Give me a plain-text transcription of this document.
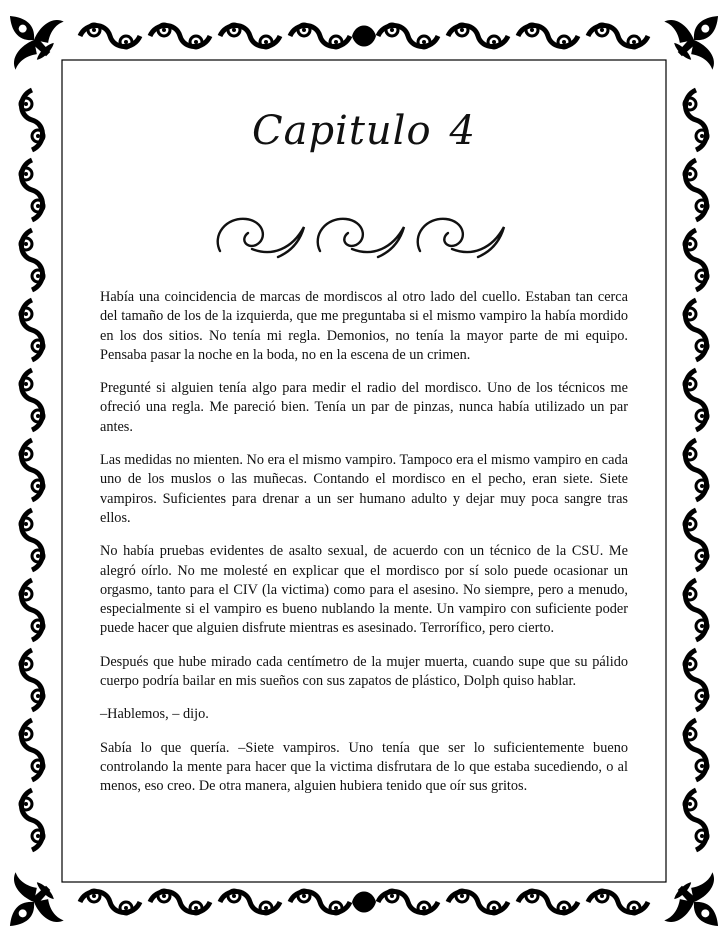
Capitulo 4

Había una coincidencia de marcas de mordiscos al otro lado del cuello. Estaban tan cerca del tamaño de los de la izquierda, que me preguntaba si el mismo vampiro la había mordido en los dos sitios. No tenía mi regla. Demonios, no tenía la mayor parte de mi equipo. Pensaba pasar la noche en la boda, no en la escena de un crimen.

Pregunté si alguien tenía algo para medir el radio del mordisco. Uno de los técnicos me ofreció una regla. Me pareció bien. Tenía un par de pinzas, nunca había utilizado un par antes.

Las medidas no mienten. No era el mismo vampiro. Tampoco era el mismo vampiro en cada uno de los muslos o las muñecas. Contando el mordisco en el pecho, eran siete. Siete vampiros. Suficientes para drenar a un ser humano adulto y dejar muy poca sangre tras ellos.

No había pruebas evidentes de asalto sexual, de acuerdo con un técnico de la CSU. Me alegró oírlo. No me molesté en explicar que el mordisco por sí solo puede ocasionar un orgasmo, tanto para el CIV (la victima) como para el asesino. No siempre, pero a menudo, especialmente si el vampiro es bueno nublando la mente. Un vampiro con suficiente poder puede hacer que alguien disfrute mientras es asesinado. Terrorífico, pero cierto.

Después que hube mirado cada centímetro de la mujer muerta, cuando supe que su pálido cuerpo podría bailar en mis sueños con sus zapatos de plástico, Dolph quiso hablar.

–Hablemos, – dijo.

Sabía lo que quería. –Siete vampiros. Uno tenía que ser lo suficientemente bueno controlando la mente para hacer que la victima disfrutara de lo que estaba sucediendo, o al menos, eso creo. De otra manera, alguien hubiera tenido que oír sus gritos.
